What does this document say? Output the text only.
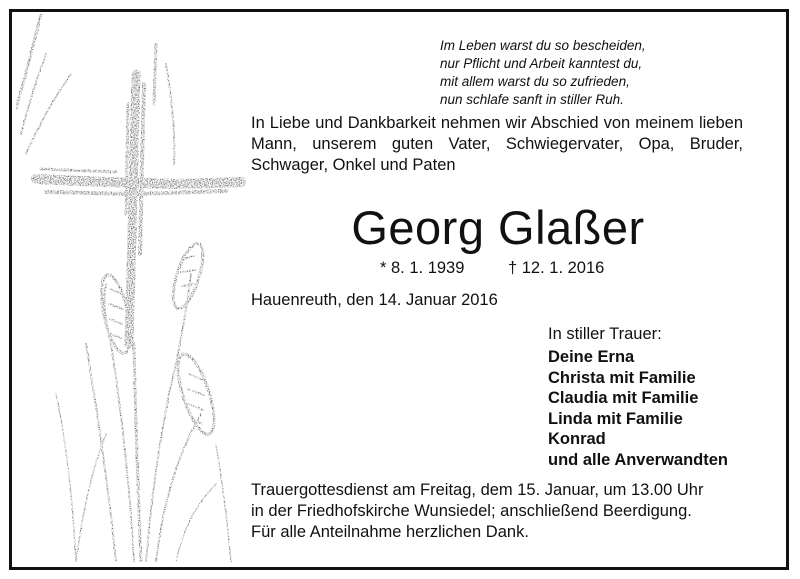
Im Leben warst du so bescheiden,
nur Pflicht und Arbeit kanntest du,
mit allem warst du so zufrieden,
nun schlafe sanft in stiller Ruh.
In Liebe und Dankbarkeit nehmen wir Abschied von meinem lieben Mann, unserem guten Vater, Schwiegervater, Opa, Bruder, Schwager, Onkel und Paten
Georg Glaßer
* 8. 1. 1939	† 12. 1. 2016
Hauenreuth, den 14. Januar 2016
In stiller Trauer:
Deine Erna
Christa mit Familie
Claudia mit Familie
Linda mit Familie
Konrad
und alle Anverwandten
Trauergottesdienst am Freitag, dem 15. Januar, um 13.00 Uhr
in der Friedhofskirche Wunsiedel; anschließend Beerdigung.
Für alle Anteilnahme herzlichen Dank.
